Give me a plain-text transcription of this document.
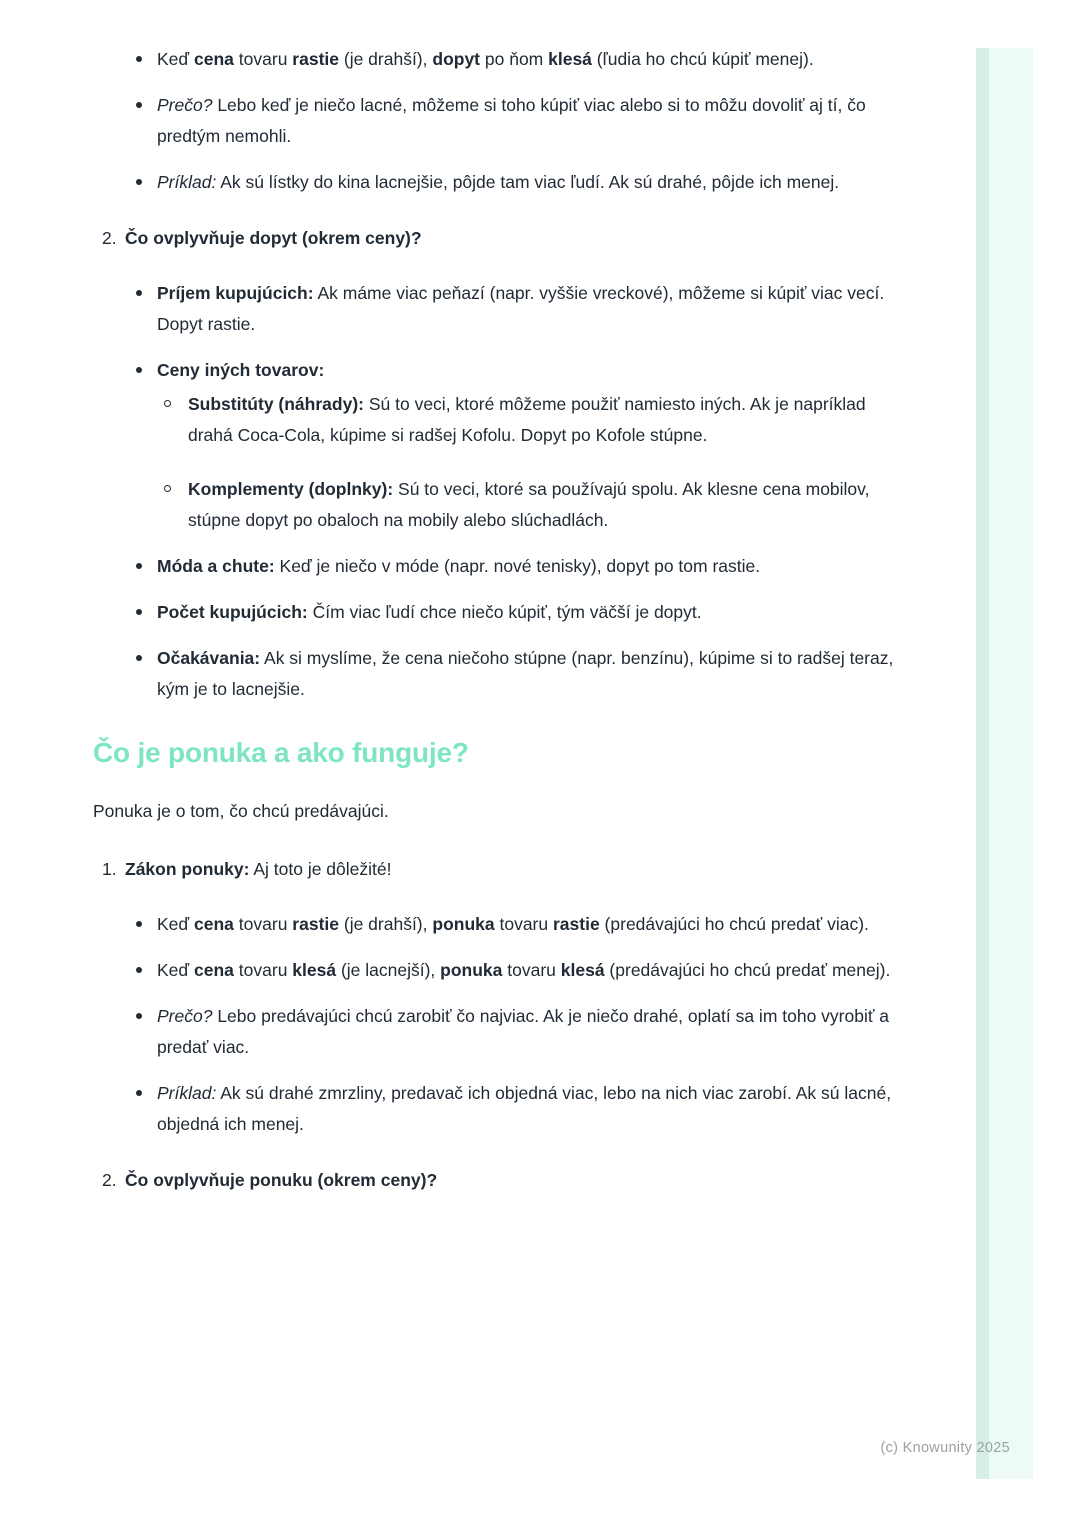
Keď cena tovaru rastie (je drahší), dopyt po ňom klesá (ľudia ho chcú kúpiť menej).
Prečo? Lebo keď je niečo lacné, môžeme si toho kúpiť viac alebo si to môžu dovoliť aj tí, čo predtým nemohli.
Príklad: Ak sú lístky do kina lacnejšie, pôjde tam viac ľudí. Ak sú drahé, pôjde ich menej.
2. Čo ovplyvňuje dopyt (okrem ceny)?
Príjem kupujúcich: Ak máme viac peňazí (napr. vyššie vreckové), môžeme si kúpiť viac vecí. Dopyt rastie.
Ceny iných tovarov:
Substitúty (náhrady): Sú to veci, ktoré môžeme použiť namiesto iných. Ak je napríklad drahá Coca-Cola, kúpime si radšej Kofolu. Dopyt po Kofole stúpne.
Komplementy (doplnky): Sú to veci, ktoré sa používajú spolu. Ak klesne cena mobilov, stúpne dopyt po obaloch na mobily alebo slúchadlách.
Móda a chute: Keď je niečo v móde (napr. nové tenisky), dopyt po tom rastie.
Počet kupujúcich: Čím viac ľudí chce niečo kúpiť, tým väčší je dopyt.
Očakávania: Ak si myslíme, že cena niečoho stúpne (napr. benzínu), kúpime si to radšej teraz, kým je to lacnejšie.
Čo je ponuka a ako funguje?

Ponuka je o tom, čo chcú predávajúci.

1. Zákon ponuky: Aj toto je dôležité!
Keď cena tovaru rastie (je drahší), ponuka tovaru rastie (predávajúci ho chcú predať viac).
Keď cena tovaru klesá (je lacnejší), ponuka tovaru klesá (predávajúci ho chcú predať menej).
Prečo? Lebo predávajúci chcú zarobiť čo najviac. Ak je niečo drahé, oplatí sa im toho vyrobiť a predať viac.
Príklad: Ak sú drahé zmrzliny, predavač ich objedná viac, lebo na nich viac zarobí. Ak sú lacné, objedná ich menej.
2. Čo ovplyvňuje ponuku (okrem ceny)?
(c) Knowunity 2025
